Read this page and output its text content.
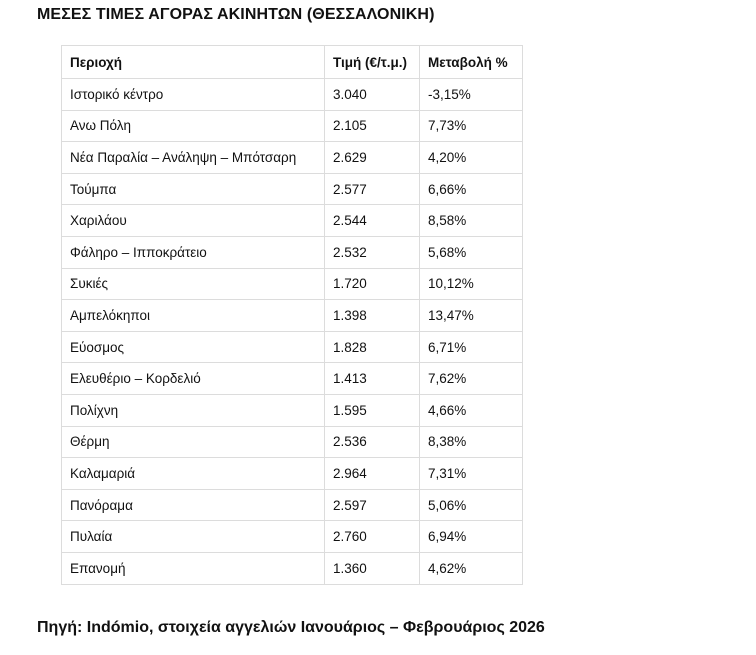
ΜΕΣΕΣ ΤΙΜΕΣ ΑΓΟΡΑΣ ΑΚΙΝΗΤΩΝ (ΘΕΣΣΑΛΟΝΙΚΗ)
Περιοχή	Τιμή (€/τ.μ.)	Μεταβολή %
Ιστορικό κέντρο	3.040	-3,15%
Ανω Πόλη	2.105	7,73%
Νέα Παραλία – Ανάληψη – Μπότσαρη	2.629	4,20%
Τούμπα	2.577	6,66%
Χαριλάου	2.544	8,58%
Φάληρο – Ιπποκράτειο	2.532	5,68%
Συκιές	1.720	10,12%
Αμπελόκηποι	1.398	13,47%
Εύοσμος	1.828	6,71%
Ελευθέριο – Κορδελιό	1.413	7,62%
Πολίχνη	1.595	4,66%
Θέρμη	2.536	8,38%
Καλαμαριά	2.964	7,31%
Πανόραμα	2.597	5,06%
Πυλαία	2.760	6,94%
Επανομή	1.360	4,62%
Πηγή: Indómio, στοιχεία αγγελιών Ιανουάριος – Φεβρουάριος 2026
